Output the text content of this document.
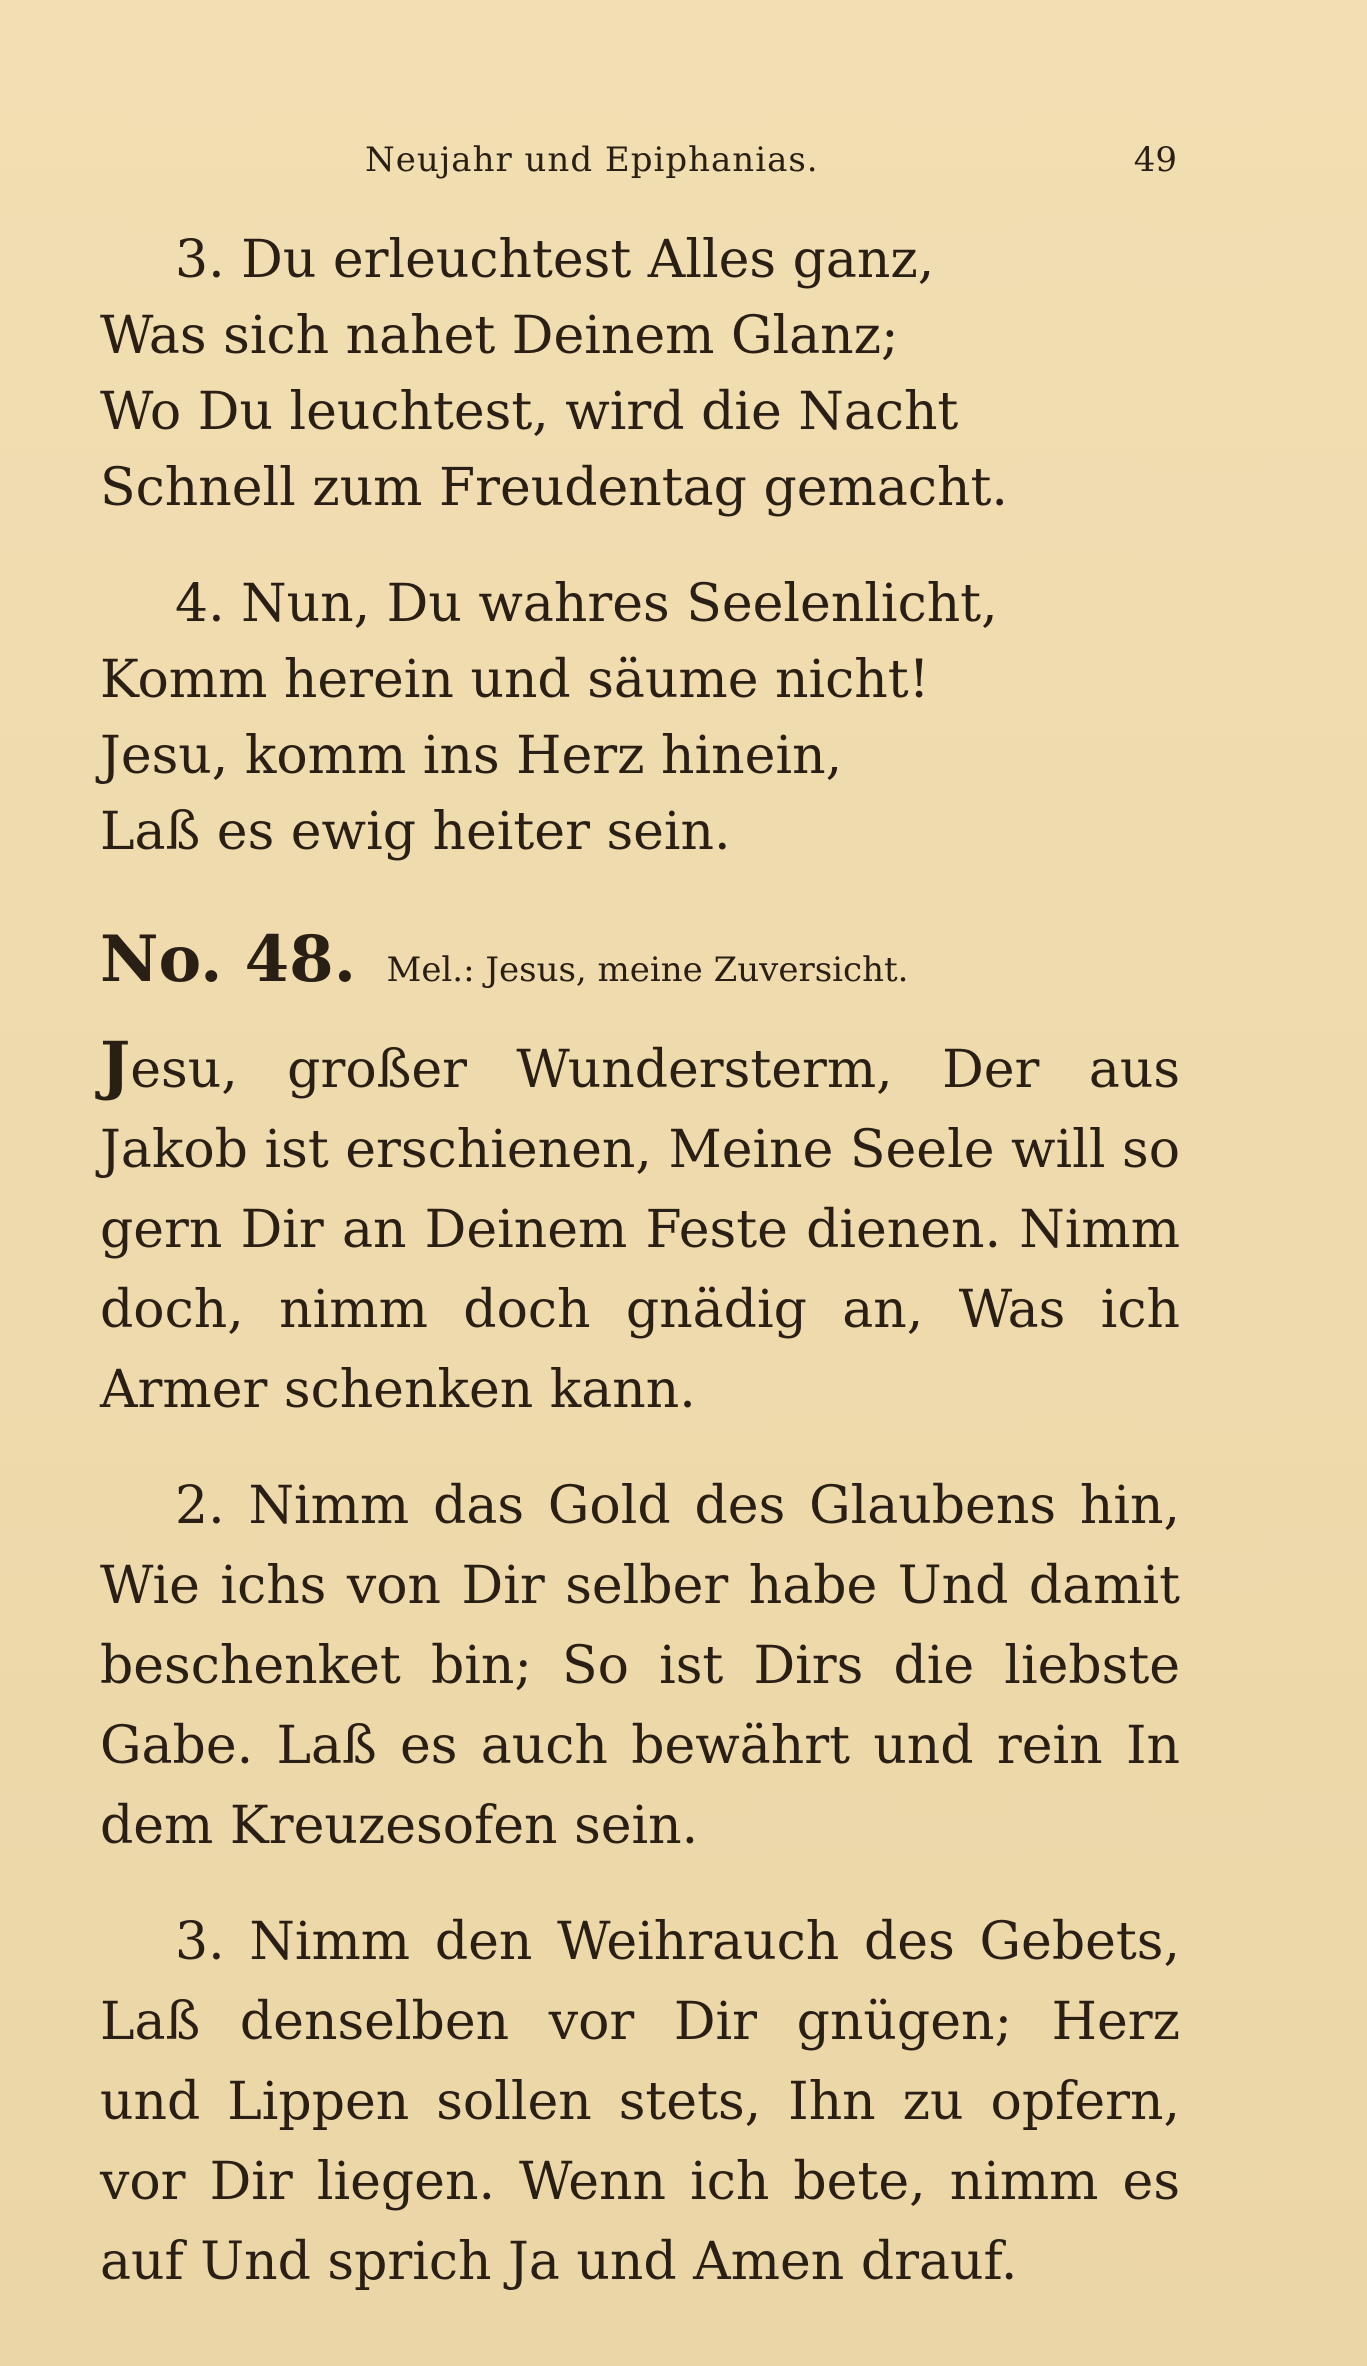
Neujahr und Epiphanias.	49
3. Du erleuchtest Alles ganz,
Was sich nahet Deinem Glanz;
Wo Du leuchtest, wird die Nacht
Schnell zum Freudentag gemacht.
4. Nun, Du wahres Seelenlicht,
Komm herein und säume nicht!
Jesu, komm ins Herz hinein,
Laß es ewig heiter sein.
No. 48. Mel.: Jesus, meine Zuversicht.

Jesu, großer Wundersterm, Der aus Jakob ist erschienen, Meine Seele will so gern Dir an Deinem Feste dienen. Nimm doch, nimm doch gnädig an, Was ich Armer schenken kann.

2. Nimm das Gold des Glaubens hin, Wie ichs von Dir selber habe Und damit beschenket bin; So ist Dirs die liebste Gabe. Laß es auch bewährt und rein In dem Kreuzesofen sein.

3. Nimm den Weihrauch des Gebets, Laß denselben vor Dir gnügen; Herz und Lippen sollen stets, Ihn zu opfern, vor Dir liegen. Wenn ich bete, nimm es auf Und sprich Ja und Amen drauf.
